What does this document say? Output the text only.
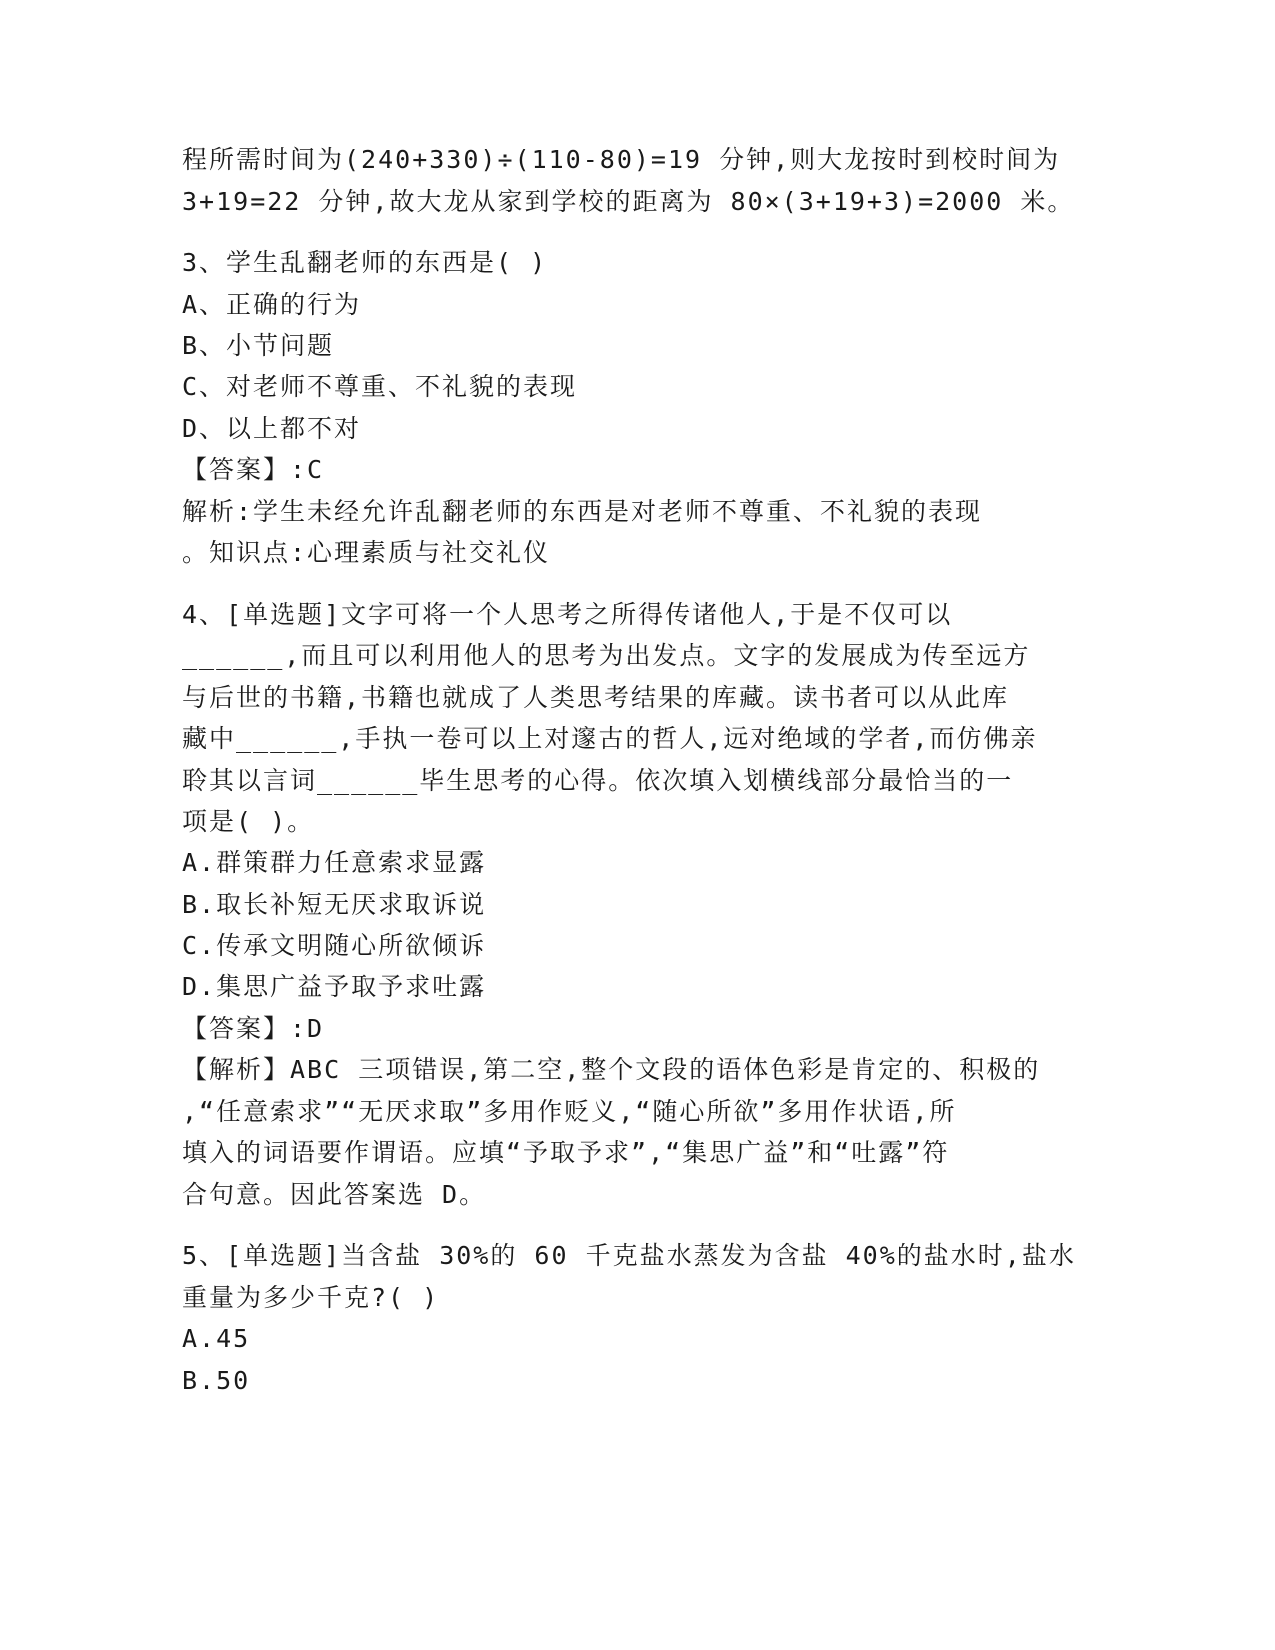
程所需时间为(240+330)÷(110-80)=19 分钟,则大龙按时到校时间为
3+19=22 分钟,故大龙从家到学校的距离为 80×(3+19+3)=2000 米。
3、学生乱翻老师的东西是( )
A、正确的行为
B、小节问题
C、对老师不尊重、不礼貌的表现
D、以上都不对
【答案】:C
解析:学生未经允许乱翻老师的东西是对老师不尊重、不礼貌的表现
。知识点:心理素质与社交礼仪
4、[单选题]文字可将一个人思考之所得传诸他人,于是不仅可以
______,而且可以利用他人的思考为出发点。文字的发展成为传至远方
与后世的书籍,书籍也就成了人类思考结果的库藏。读书者可以从此库
藏中______,手执一卷可以上对邃古的哲人,远对绝域的学者,而仿佛亲
聆其以言词______毕生思考的心得。依次填入划横线部分最恰当的一
项是( )。
A.群策群力任意索求显露
B.取长补短无厌求取诉说
C.传承文明随心所欲倾诉
D.集思广益予取予求吐露
【答案】:D
【解析】ABC 三项错误,第二空,整个文段的语体色彩是肯定的、积极的
,“任意索求”“无厌求取”多用作贬义,“随心所欲”多用作状语,所
填入的词语要作谓语。应填“予取予求”,“集思广益”和“吐露”符
合句意。因此答案选 D。
5、[单选题]当含盐 30%的 60 千克盐水蒸发为含盐 40%的盐水时,盐水
重量为多少千克?( )
A.45
B.50
